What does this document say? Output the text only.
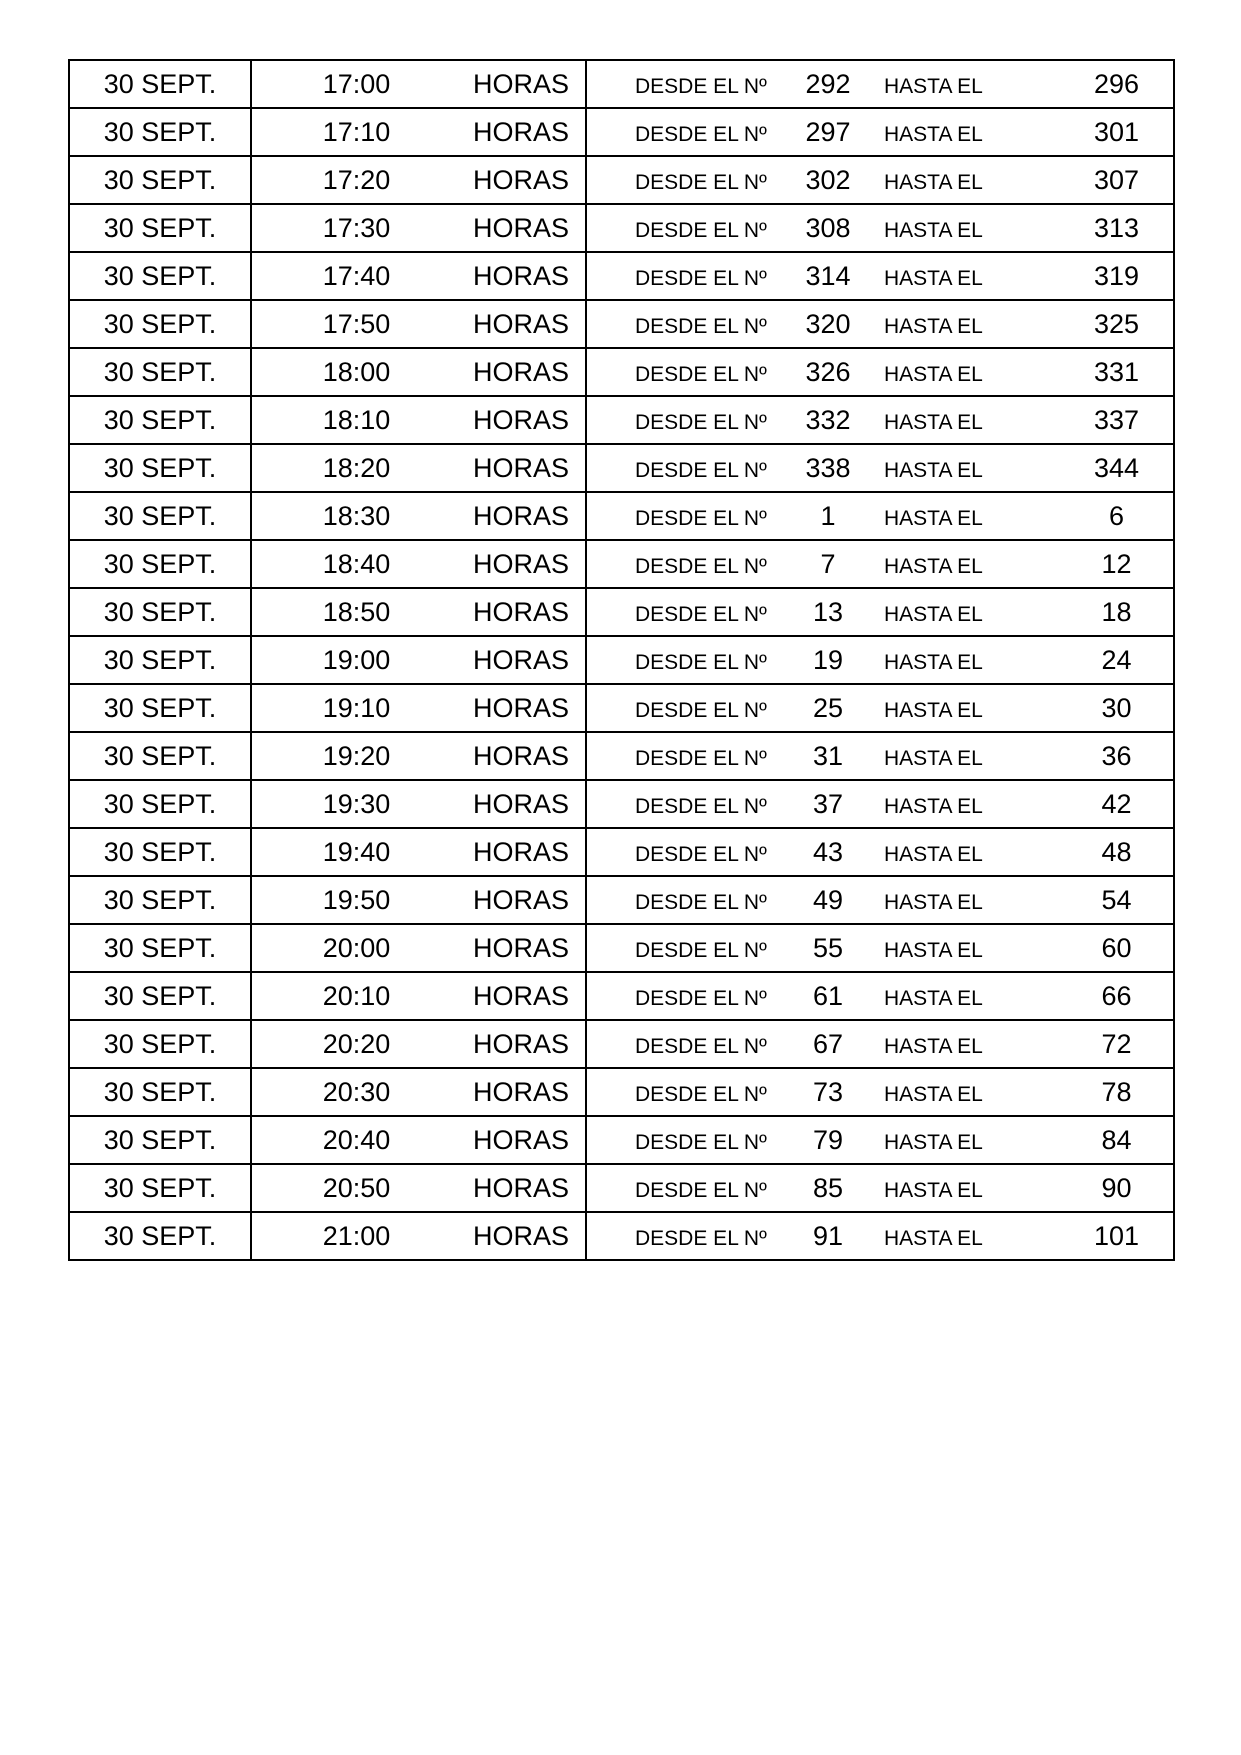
30 SEPT.	17:00	HORAS	DESDE EL Nº	292	HASTA EL	296
30 SEPT.	17:10	HORAS	DESDE EL Nº	297	HASTA EL	301
30 SEPT.	17:20	HORAS	DESDE EL Nº	302	HASTA EL	307
30 SEPT.	17:30	HORAS	DESDE EL Nº	308	HASTA EL	313
30 SEPT.	17:40	HORAS	DESDE EL Nº	314	HASTA EL	319
30 SEPT.	17:50	HORAS	DESDE EL Nº	320	HASTA EL	325
30 SEPT.	18:00	HORAS	DESDE EL Nº	326	HASTA EL	331
30 SEPT.	18:10	HORAS	DESDE EL Nº	332	HASTA EL	337
30 SEPT.	18:20	HORAS	DESDE EL Nº	338	HASTA EL	344
30 SEPT.	18:30	HORAS	DESDE EL Nº	1	HASTA EL	6
30 SEPT.	18:40	HORAS	DESDE EL Nº	7	HASTA EL	12
30 SEPT.	18:50	HORAS	DESDE EL Nº	13	HASTA EL	18
30 SEPT.	19:00	HORAS	DESDE EL Nº	19	HASTA EL	24
30 SEPT.	19:10	HORAS	DESDE EL Nº	25	HASTA EL	30
30 SEPT.	19:20	HORAS	DESDE EL Nº	31	HASTA EL	36
30 SEPT.	19:30	HORAS	DESDE EL Nº	37	HASTA EL	42
30 SEPT.	19:40	HORAS	DESDE EL Nº	43	HASTA EL	48
30 SEPT.	19:50	HORAS	DESDE EL Nº	49	HASTA EL	54
30 SEPT.	20:00	HORAS	DESDE EL Nº	55	HASTA EL	60
30 SEPT.	20:10	HORAS	DESDE EL Nº	61	HASTA EL	66
30 SEPT.	20:20	HORAS	DESDE EL Nº	67	HASTA EL	72
30 SEPT.	20:30	HORAS	DESDE EL Nº	73	HASTA EL	78
30 SEPT.	20:40	HORAS	DESDE EL Nº	79	HASTA EL	84
30 SEPT.	20:50	HORAS	DESDE EL Nº	85	HASTA EL	90
30 SEPT.	21:00	HORAS	DESDE EL Nº	91	HASTA EL	101
